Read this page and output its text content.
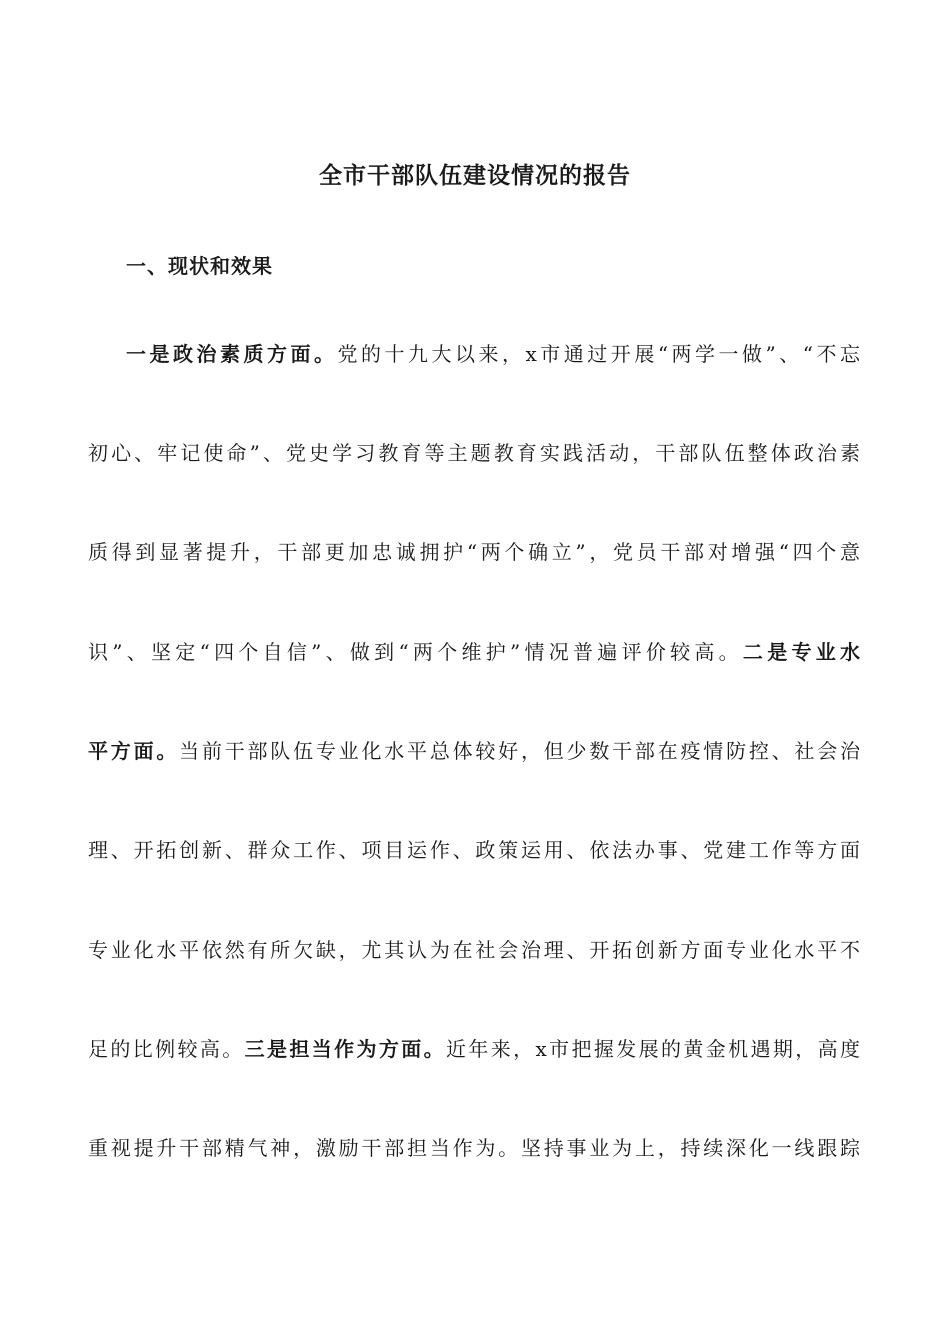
全市干部队伍建设情况的报告
一、现状和效果
一是政治素质方面。党的十九大以来，x市通过开展“两学一做”、“不忘
初心、牢记使命”、党史学习教育等主题教育实践活动，干部队伍整体政治素
质得到显著提升，干部更加忠诚拥护“两个确立”，党员干部对增强“四个意
识”、坚定“四个自信”、做到“两个维护”情况普遍评价较高。二是专业水
平方面。当前干部队伍专业化水平总体较好，但少数干部在疫情防控、社会治
理、开拓创新、群众工作、项目运作、政策运用、依法办事、党建工作等方面
专业化水平依然有所欠缺，尤其认为在社会治理、开拓创新方面专业化水平不
足的比例较高。三是担当作为方面。近年来，x市把握发展的黄金机遇期，高度
重视提升干部精气神，激励干部担当作为。坚持事业为上，持续深化一线跟踪
